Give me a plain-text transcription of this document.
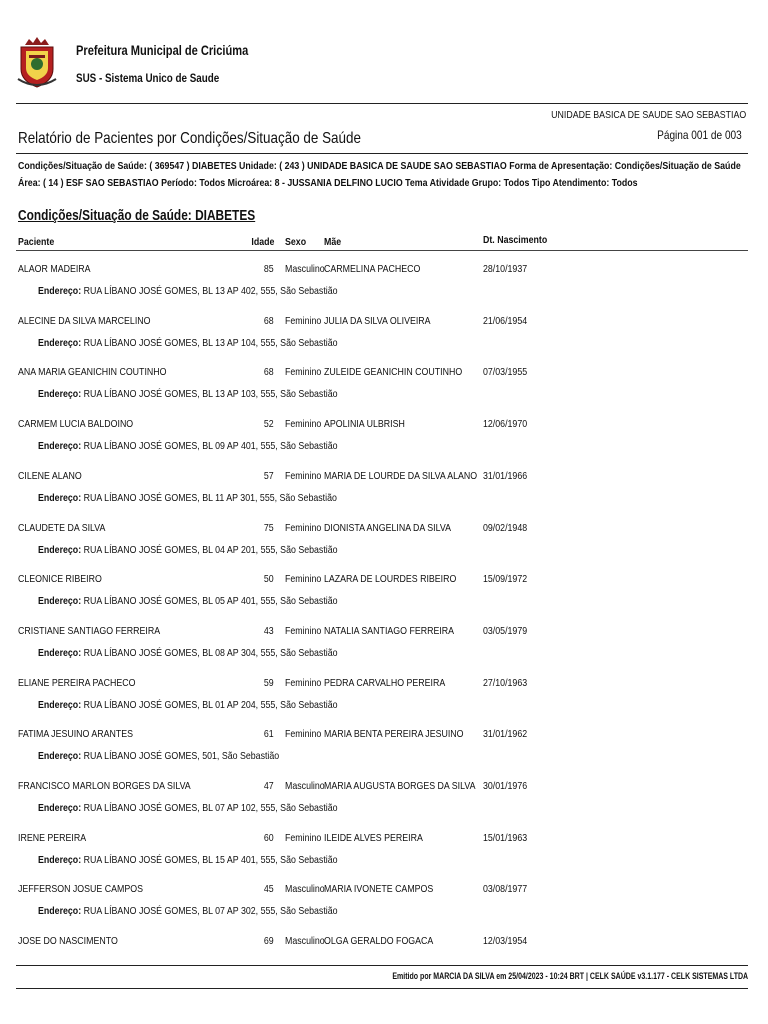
Prefeitura Municipal de Criciúma
SUS - Sistema Unico de Saude
UNIDADE BASICA DE SAUDE SAO SEBASTIAO
Relatório de Pacientes por Condições/Situação de Saúde	Página 001 de 003
Condições/Situação de Saúde: ( 369547 ) DIABETES Unidade: ( 243 ) UNIDADE BASICA DE SAUDE SAO SEBASTIAO Forma de Apresentação: Condições/Situação de Saúde
Área: ( 14 ) ESF SAO SEBASTIAO Período: Todos Microárea: 8 - JUSSANIA DELFINO LUCIO Tema Atividade Grupo: Todos Tipo Atendimento: Todos
Condições/Situação de Saúde: DIABETES
Paciente	Idade Sexo Mãe	Dt. Nascimento
ALAOR MADEIRA	85 Masculino CARMELINA PACHECO	28/10/1937
Endereço: RUA LÍBANO JOSÉ GOMES, BL 13 AP 402, 555, São Sebastião
ALECINE DA SILVA MARCELINO	68 Feminino JULIA DA SILVA OLIVEIRA	21/06/1954
Endereço: RUA LÍBANO JOSÉ GOMES, BL 13 AP 104, 555, São Sebastião
ANA MARIA GEANICHIN COUTINHO	68 Feminino ZULEIDE GEANICHIN COUTINHO 07/03/1955
Endereço: RUA LÍBANO JOSÉ GOMES, BL 13 AP 103, 555, São Sebastião
CARMEM LUCIA BALDOINO	52 Feminino APOLINIA ULBRISH	12/06/1970
Endereço: RUA LÍBANO JOSÉ GOMES, BL 09 AP 401, 555, São Sebastião
CILENE ALANO	57 Feminino MARIA DE LOURDE DA SILVA ALANO 31/01/1966
Endereço: RUA LÍBANO JOSÉ GOMES, BL 11 AP 301, 555, São Sebastião
CLAUDETE DA SILVA	75 Feminino DIONISTA ANGELINA DA SILVA	09/02/1948
Endereço: RUA LÍBANO JOSÉ GOMES, BL 04 AP 201, 555, São Sebastião
CLEONICE RIBEIRO	50 Feminino LAZARA DE LOURDES RIBEIRO	15/09/1972
Endereço: RUA LÍBANO JOSÉ GOMES, BL 05 AP 401, 555, São Sebastião
CRISTIANE SANTIAGO FERREIRA	43 Feminino NATALIA SANTIAGO FERREIRA	03/05/1979
Endereço: RUA LÍBANO JOSÉ GOMES, BL 08 AP 304, 555, São Sebastião
ELIANE PEREIRA PACHECO	59 Feminino PEDRA CARVALHO PEREIRA	27/10/1963
Endereço: RUA LÍBANO JOSÉ GOMES, BL 01 AP 204, 555, São Sebastião
FATIMA JESUINO ARANTES	61 Feminino MARIA BENTA PEREIRA JESUINO 31/01/1962
Endereço: RUA LÍBANO JOSÉ GOMES, 501, São Sebastião
FRANCISCO MARLON BORGES DA SILVA	47 Masculino MARIA AUGUSTA BORGES DA SILVA 30/01/1976
Endereço: RUA LÍBANO JOSÉ GOMES, BL 07 AP 102, 555, São Sebastião
IRENE PEREIRA	60 Feminino ILEIDE ALVES PEREIRA	15/01/1963
Endereço: RUA LÍBANO JOSÉ GOMES, BL 15 AP 401, 555, São Sebastião
JEFFERSON JOSUE CAMPOS	45 Masculino MARIA IVONETE CAMPOS	03/08/1977
Endereço: RUA LÍBANO JOSÉ GOMES, BL 07 AP 302, 555, São Sebastião
JOSE DO NASCIMENTO	69 Masculino OLGA GERALDO FOGACA	12/03/1954
Emitido por MARCIA DA SILVA em 25/04/2023 - 10:24 BRT | CELK SAÚDE v3.1.177 - CELK SISTEMAS LTDA
